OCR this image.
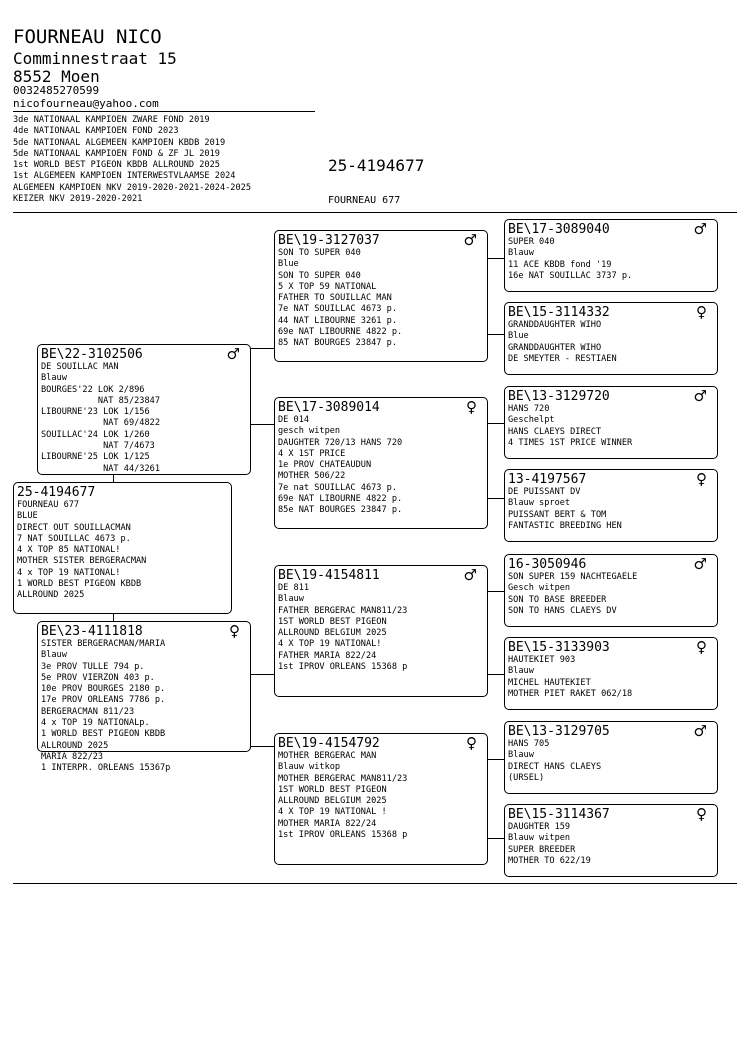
FOURNEAU NICO
Comminnestraat 15
8552 Moen
0032485270599
nicofourneau@yahoo.com
3de NATIONAAL KAMPIOEN ZWARE FOND 2019
4de NATIONAAL KAMPIOEN FOND 2023
5de NATIONAAL ALGEMEEN KAMPIOEN KBDB 2019
5de NATIONAAL KAMPIOEN FOND & ZF JL 2019
1st WORLD BEST PIGEON KBDB ALLROUND 2025
1st ALGEMEEN KAMPIOEN INTERWESTVLAAMSE 2024
ALGEMEEN KAMPIOEN NKV 2019-2020-2021-2024-2025
KEIZER NKV 2019-2020-2021
25-4194677
FOURNEAU 677
25-4194677
FOURNEAU 677
BLUE
DIRECT OUT SOUILLACMAN
7 NAT SOUILLAC 4673 p.
4 X TOP 85 NATIONAL!
MOTHER SISTER BERGERACMAN
4 x TOP 19 NATIONAL!
1 WORLD BEST PIGEON KBDB
ALLROUND 2025
BE\22-3102506	♂
DE SOUILLAC MAN
Blauw
BOURGES'22 LOK 2/896
NAT 85/23847
LIBOURNE'23 LOK 1/156
NAT 69/4822
SOUILLAC'24 LOK 1/260
NAT 7/4673
LIBOURNE'25 LOK 1/125
NAT 44/3261
BE\23-4111818	♀
SISTER BERGERACMAN/MARIA
Blauw
3e PROV TULLE 794 p.
5e PROV VIERZON 403 p.
10e PROV BOURGES 2180 p.
17e PROV ORLEANS 7786 p.
BERGERACMAN 811/23
4 x TOP 19 NATIONALp.
1 WORLD BEST PIGEON KBDB
ALLROUND 2025
MARIA 822/23
1 INTERPR. ORLEANS 15367p
BE\19-3127037	♂
SON TO SUPER 040
Blue
SON TO SUPER 040
5 X TOP 59 NATIONAL
FATHER TO SOUILLAC MAN
7e NAT SOUILLAC 4673 p.
44 NAT LIBOURNE 3261 p.
69e NAT LIBOURNE 4822 p.
85 NAT BOURGES 23847 p.
BE\17-3089014	♀
DE 014
gesch witpen
DAUGHTER 720/13 HANS 720
4 X 1ST PRICE
1e PROV CHATEAUDUN
MOTHER 506/22
7e nat SOUILLAC 4673 p.
69e NAT LIBOURNE 4822 p.
85e NAT BOURGES 23847 p.
BE\19-4154811	♂
DE 811
Blauw
FATHER BERGERAC MAN811/23
1ST WORLD BEST PIGEON
ALLROUND BELGIUM 2025
4 X TOP 19 NATIONAL!
FATHER MARIA 822/24
1st IPROV ORLEANS 15368 p
BE\19-4154792	♀
MOTHER BERGERAC MAN
Blauw witkop
MOTHER BERGERAC MAN811/23
1ST WORLD BEST PIGEON
ALLROUND BELGIUM 2025
4 X TOP 19 NATIONAL !
MOTHER MARIA 822/24
1st IPROV ORLEANS 15368 p
BE\17-3089040	♂
SUPER 040
Blauw
11 ACE KBDB fond '19
16e NAT SOUILLAC 3737 p.
BE\15-3114332	♀
GRANDDAUGHTER WIHO
Blue
GRANDDAUGHTER WIHO
DE SMEYTER - RESTIAEN
BE\13-3129720	♂
HANS 720
Geschelpt
HANS CLAEYS DIRECT
4 TIMES 1ST PRICE WINNER
13-4197567	♀
DE PUISSANT DV
Blauw sproet
PUISSANT BERT & TOM
FANTASTIC BREEDING HEN
16-3050946	♂
SON SUPER 159 NACHTEGAELE
Gesch witpen
SON TO BASE BREEDER
SON TO HANS CLAEYS DV
BE\15-3133903	♀
HAUTEKIET 903
Blauw
MICHEL HAUTEKIET
MOTHER PIET RAKET 062/18
BE\13-3129705	♂
HANS 705
Blauw
DIRECT HANS CLAEYS
(URSEL)
BE\15-3114367	♀
DAUGHTER 159
Blauw witpen
SUPER BREEDER
MOTHER TO 622/19
